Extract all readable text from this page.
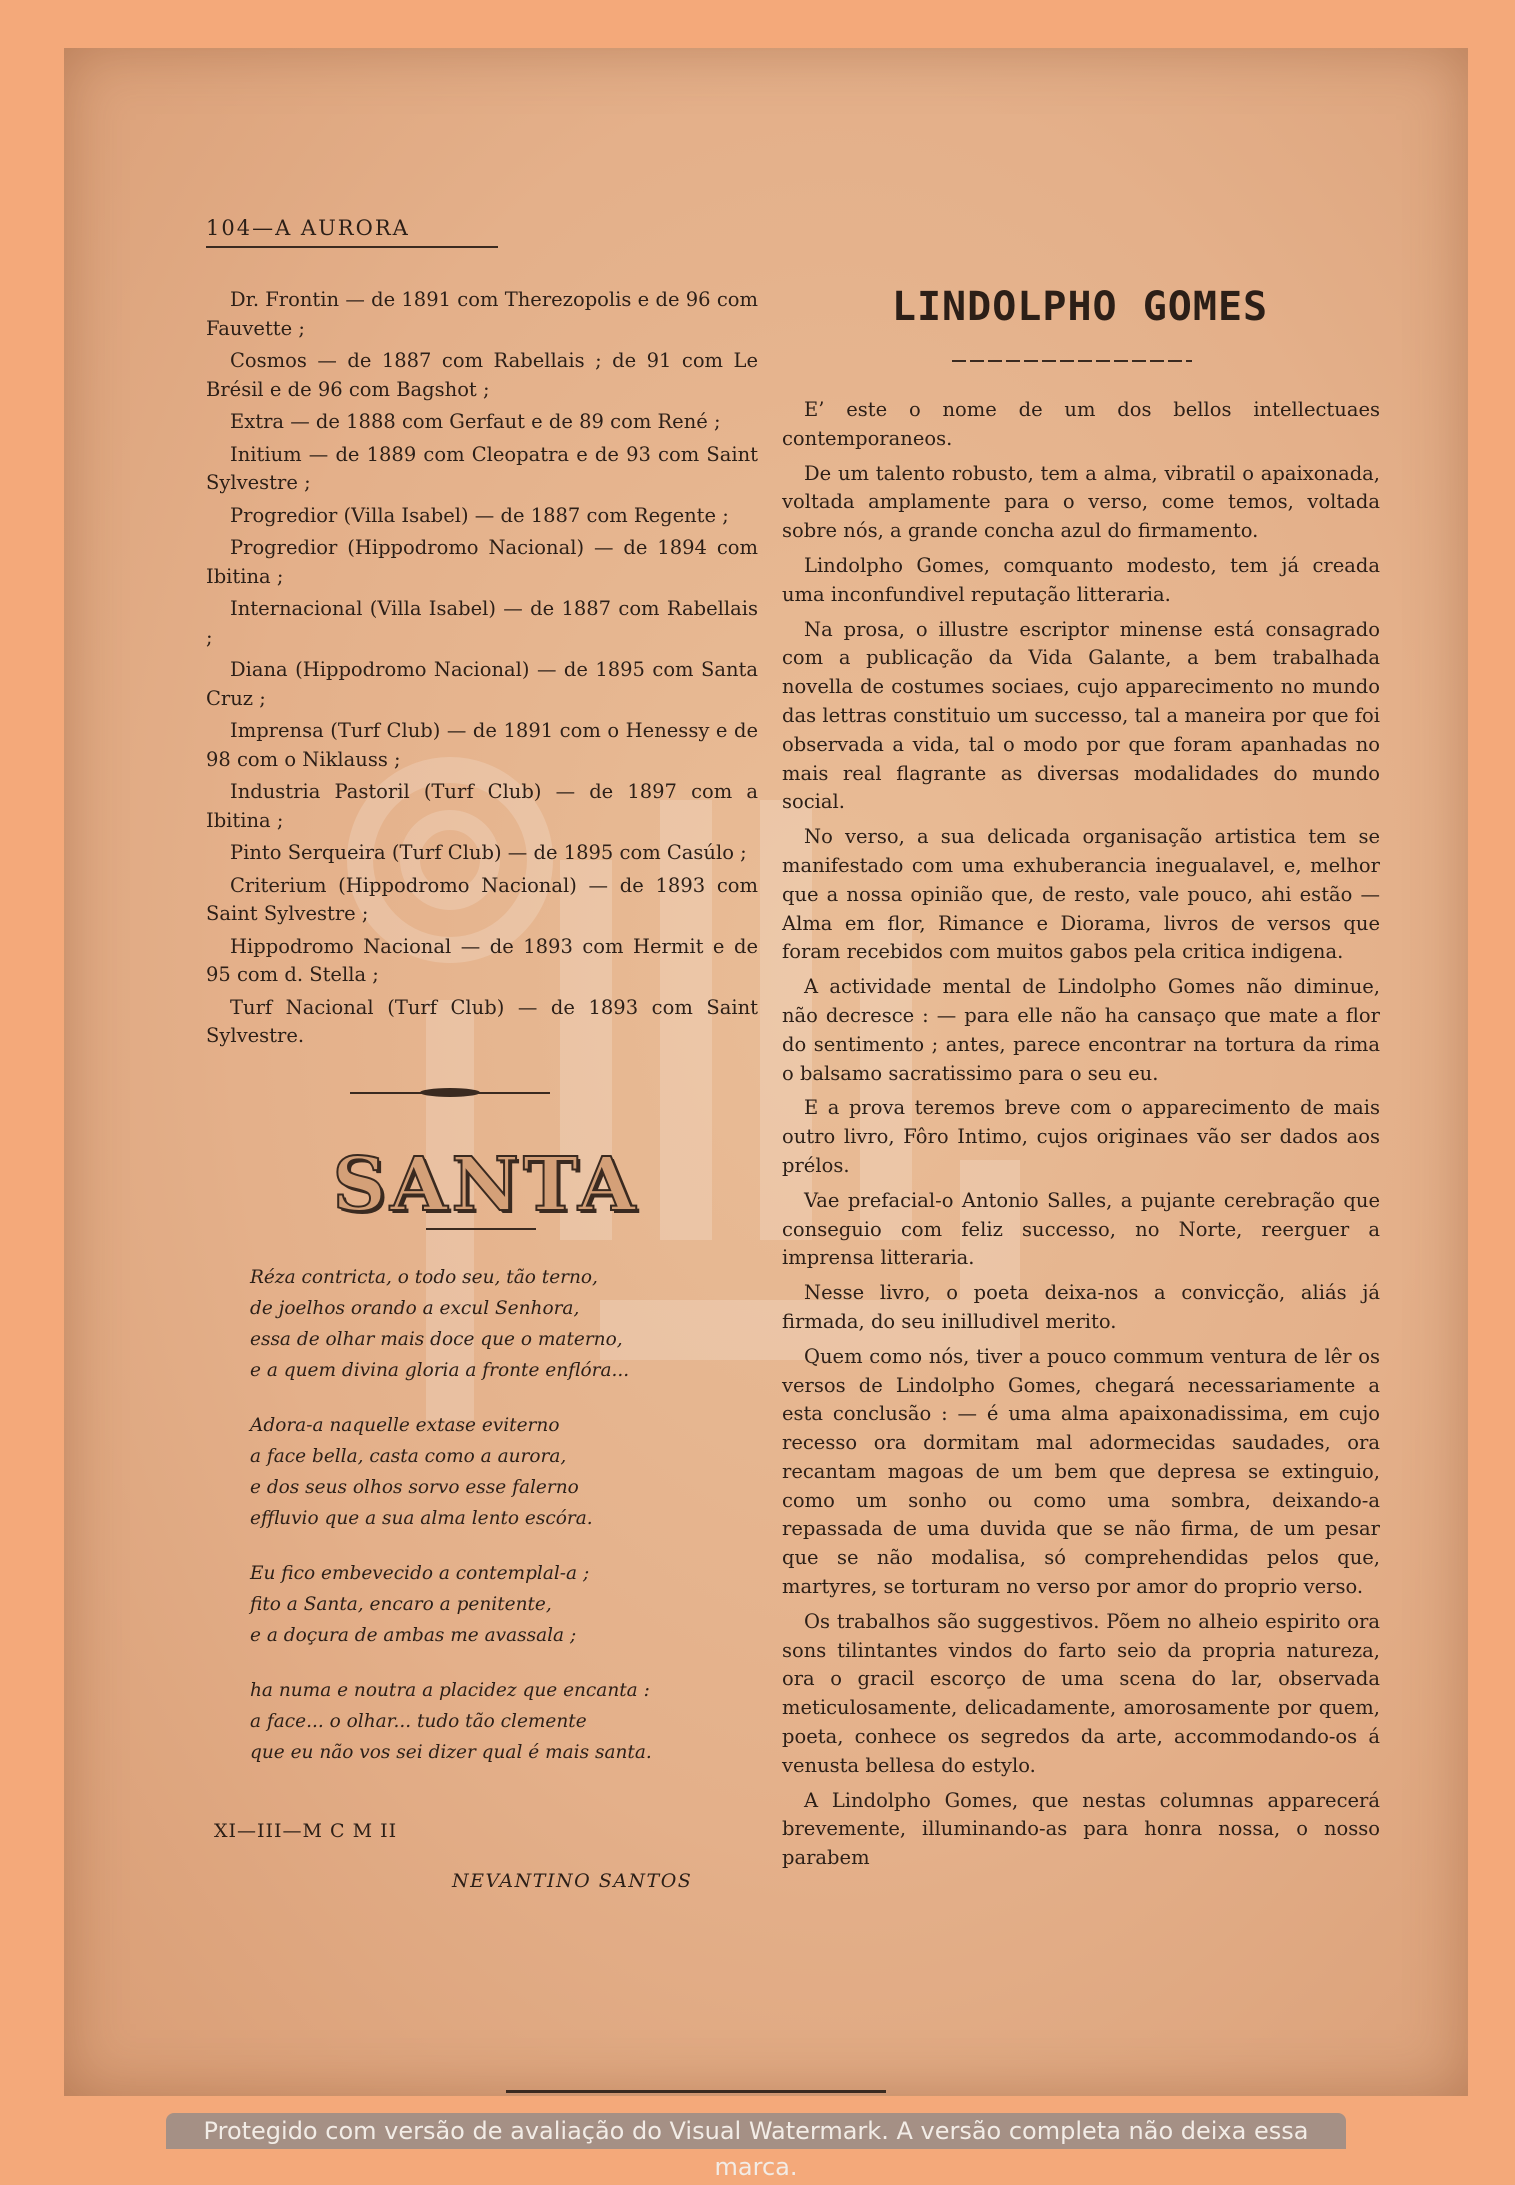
104—A AURORA

Dr. Frontin — de 1891 com Therezopolis e de 96 com Fauvette ;

Cosmos — de 1887 com Rabellais ; de 91 com Le Brésil e de 96 com Bagshot ;

Extra — de 1888 com Gerfaut e de 89 com René ;

Initium — de 1889 com Cleopatra e de 93 com Saint Sylvestre ;

Progredior (Villa Isabel) — de 1887 com Regente ;

Progredior (Hippodromo Nacional) — de 1894 com Ibitina ;

Internacional (Villa Isabel) — de 1887 com Rabellais ;

Diana (Hippodromo Nacional) — de 1895 com Santa Cruz ;

Imprensa (Turf Club) — de 1891 com o Henessy e de 98 com o Niklauss ;

Industria Pastoril (Turf Club) — de 1897 com a Ibitina ;

Pinto Serqueira (Turf Club) — de 1895 com Casúlo ;

Criterium (Hippodromo Nacional) — de 1893 com Saint Sylvestre ;

Hippodromo Nacional — de 1893 com Hermit e de 95 com d. Stella ;

Turf Nacional (Turf Club) — de 1893 com Saint Sylvestre.

SANTA
Réza contricta, o todo seu, tão terno,
de joelhos orando a excul Senhora,
essa de olhar mais doce que o materno,
e a quem divina gloria a fronte enflóra...
Adora-a naquelle extase eviterno
a face bella, casta como a aurora,
e dos seus olhos sorvo esse falerno
effluvio que a sua alma lento escóra.
Eu fico embevecido a contemplal-a ;
fito a Santa, encaro a penitente,
e a doçura de ambas me avassala ;
ha numa e noutra a placidez que encanta :
a face... o olhar... tudo tão clemente
que eu não vos sei dizer qual é mais santa.
XI—III—M C M II
NEVANTINO SANTOS
LINDOLPHO GOMES

E’ este o nome de um dos bellos intellectuaes contemporaneos.

De um talento robusto, tem a alma, vibratil o apaixonada, voltada amplamente para o verso, come temos, voltada sobre nós, a grande concha azul do firmamento.

Lindolpho Gomes, comquanto modesto, tem já creada uma inconfundivel reputação litteraria.

Na prosa, o illustre escriptor minense está consagrado com a publicação da Vida Galante, a bem trabalhada novella de costumes sociaes, cujo apparecimento no mundo das lettras constituio um successo, tal a maneira por que foi observada a vida, tal o modo por que foram apanhadas no mais real flagrante as diversas modalidades do mundo social.

No verso, a sua delicada organisação artistica tem se manifestado com uma exhuberancia inegualavel, e, melhor que a nossa opinião que, de resto, vale pouco, ahi estão — Alma em flor, Rimance e Diorama, livros de versos que foram recebidos com muitos gabos pela critica indigena.

A actividade mental de Lindolpho Gomes não diminue, não decresce : — para elle não ha cansaço que mate a flor do sentimento ; antes, parece encontrar na tortura da rima o balsamo sacratissimo para o seu eu.

E a prova teremos breve com o apparecimento de mais outro livro, Fôro Intimo, cujos originaes vão ser dados aos prélos.

Vae prefacial-o Antonio Salles, a pujante cerebração que conseguio com feliz successo, no Norte, reerguer a imprensa litteraria.

Nesse livro, o poeta deixa-nos a convicção, aliás já firmada, do seu inilludivel merito.

Quem como nós, tiver a pouco commum ventura de lêr os versos de Lindolpho Gomes, chegará necessariamente a esta conclusão : — é uma alma apaixonadissima, em cujo recesso ora dormitam mal adormecidas saudades, ora recantam magoas de um bem que depresa se extinguio, como um sonho ou como uma sombra, deixando-a repassada de uma duvida que se não firma, de um pesar que se não modalisa, só comprehendidas pelos que, martyres, se torturam no verso por amor do proprio verso.

Os trabalhos são suggestivos. Põem no alheio espirito ora sons tilintantes vindos do farto seio da propria natureza, ora o gracil escorço de uma scena do lar, observada meticulosamente, delicadamente, amorosamente por quem, poeta, conhece os segredos da arte, accommodando-os á venusta bellesa do estylo.

A Lindolpho Gomes, que nestas columnas apparecerá brevemente, illuminando-as para honra nossa, o nosso parabem

Protegido com versão de avaliação do Visual Watermark. A versão completa não deixa essa marca.
